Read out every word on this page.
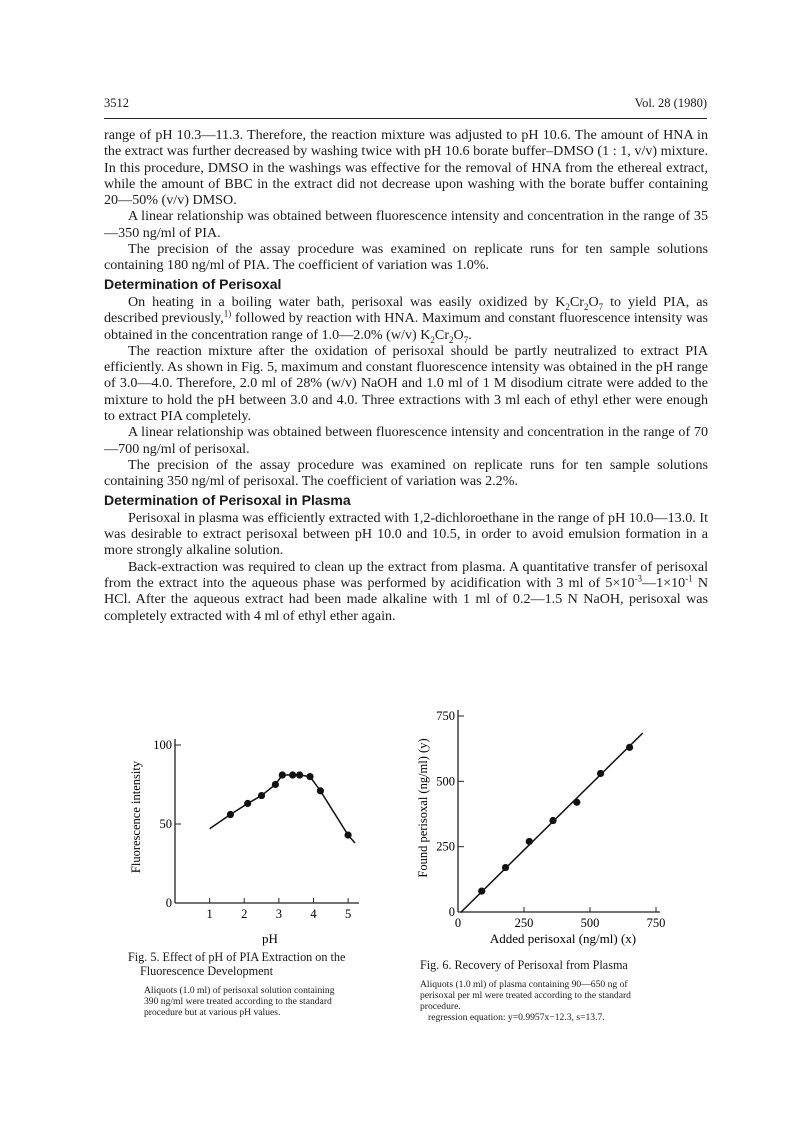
3512	Vol. 28 (1980)

range of pH 10.3—11.3. Therefore, the reaction mixture was adjusted to pH 10.6. The amount of HNA in the extract was further decreased by washing twice with pH 10.6 borate buffer–DMSO (1 : 1, v/v) mixture. In this procedure, DMSO in the washings was effective for the removal of HNA from the ethereal extract, while the amount of BBC in the extract did not decrease upon washing with the borate buffer containing 20—50% (v/v) DMSO.

A linear relationship was obtained between fluorescence intensity and concentration in the range of 35—350 ng/ml of PIA.

The precision of the assay procedure was examined on replicate runs for ten sample solutions containing 180 ng/ml of PIA. The coefficient of variation was 1.0%.

Determination of Perisoxal

On heating in a boiling water bath, perisoxal was easily oxidized by $K_2Cr_2O_7$ to yield PIA, as described previously,$^{1)}$ followed by reaction with HNA. Maximum and constant fluorescence intensity was obtained in the concentration range of 1.0—2.0% (w/v) $K_2Cr_2O_7$.

The reaction mixture after the oxidation of perisoxal should be partly neutralized to extract PIA efficiently. As shown in Fig. 5, maximum and constant fluorescence intensity was obtained in the pH range of 3.0—4.0. Therefore, 2.0 ml of 28% (w/v) NaOH and 1.0 ml of 1 M disodium citrate were added to the mixture to hold the pH between 3.0 and 4.0. Three extractions with 3 ml each of ethyl ether were enough to extract PIA completely.

A linear relationship was obtained between fluorescence intensity and concentration in the range of 70—700 ng/ml of perisoxal.

The precision of the assay procedure was examined on replicate runs for ten sample solutions containing 350 ng/ml of perisoxal. The coefficient of variation was 2.2%.

Determination of Perisoxal in Plasma

Perisoxal in plasma was efficiently extracted with 1,2-dichloroethane in the range of pH 10.0—13.0. It was desirable to extract perisoxal between pH 10.0 and 10.5, in order to avoid emulsion formation in a more strongly alkaline solution.

Back-extraction was required to clean up the extract from plasma. A quantitative transfer of perisoxal from the extract into the aqueous phase was performed by acidification with 3 ml of $5\times 10^{-3}—1\times 10^{-1}$ N HCl. After the aqueous extract had been made alkaline with 1 ml of 0.2—1.5 N NaOH, perisoxal was completely extracted with 4 ml of ethyl ether again.

1 2 3 4 5
0
50
100
Fluorescence intensity
pH
Fig. 5. Effect of pH of PIA Extraction on the Fluorescence Development
Aliquots (1.0 ml) of perisoxal solution containing 390 ng/ml were treated according to the standard procedure but at various pH values.
0	250	500	750
0
250
500
750
Found perisoxal (ng/ml) (y)
Added perisoxal (ng/ml) (x)
Fig. 6. Recovery of Perisoxal from Plasma
Aliquots (1.0 ml) of plasma containing 90—650 ng of perisoxal per ml were treated according to the standard procedure.
regression equation: y=0.9957x−12.3, s=13.7.
